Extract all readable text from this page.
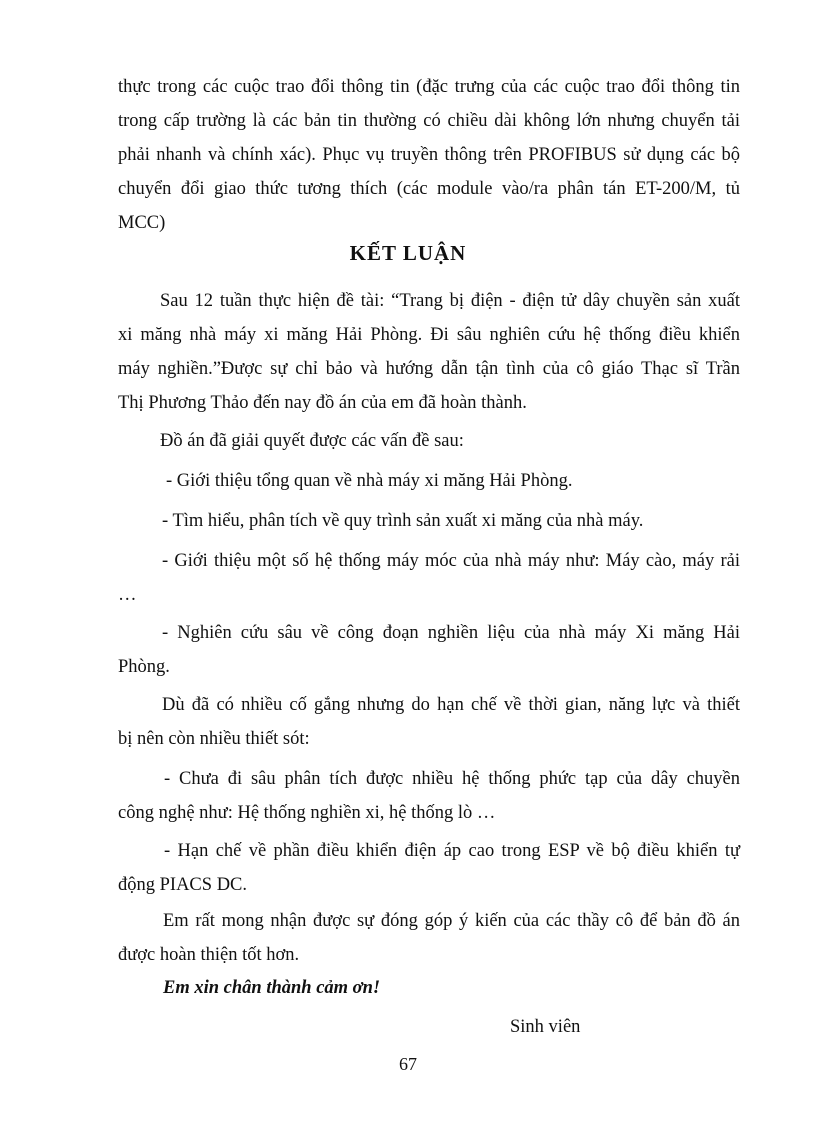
thực trong các cuộc trao đổi thông tin (đặc trưng của các cuộc trao đổi thông tin
trong cấp trường là các bản tin thường có chiều dài không lớn nhưng chuyển tải
phải nhanh và chính xác). Phục vụ truyền thông trên PROFIBUS sử dụng các bộ
chuyển đổi giao thức tương thích (các module vào/ra phân tán ET-200/M, tủ
MCC)
KẾT LUẬN
Sau 12 tuần thực hiện đề tài: “Trang bị điện - điện tử dây chuyền sản xuất
xi măng nhà máy xi măng Hải Phòng. Đi sâu nghiên cứu hệ thống điều khiển
máy nghiền.”Được sự chỉ bảo và hướng dẫn tận tình của cô giáo Thạc sĩ Trần
Thị Phương Thảo đến nay đồ án của em đã hoàn thành.
Đồ án đã giải quyết được các vấn đề sau:
- Giới thiệu tổng quan về nhà máy xi măng Hải Phòng.
- Tìm hiểu, phân tích về quy trình sản xuất xi măng của nhà máy.
- Giới thiệu một số hệ thống máy móc của nhà máy như: Máy cào, máy rải
…
- Nghiên cứu sâu về công đoạn nghiền liệu của nhà máy Xi măng Hải
Phòng.
Dù đã có nhiều cố gắng nhưng do hạn chế về thời gian, năng lực và thiết
bị nên còn nhiều thiết sót:
- Chưa đi sâu phân tích được nhiều hệ thống phức tạp của dây chuyền
công nghệ như: Hệ thống nghiền xi, hệ thống lò …
- Hạn chế về phần điều khiển điện áp cao trong ESP về bộ điều khiển tự
động PIACS DC.
Em rất mong nhận được sự đóng góp ý kiến của các thầy cô để bản đồ án
được hoàn thiện tốt hơn.

Em xin chân thành cảm ơn!

Sinh viên

67
